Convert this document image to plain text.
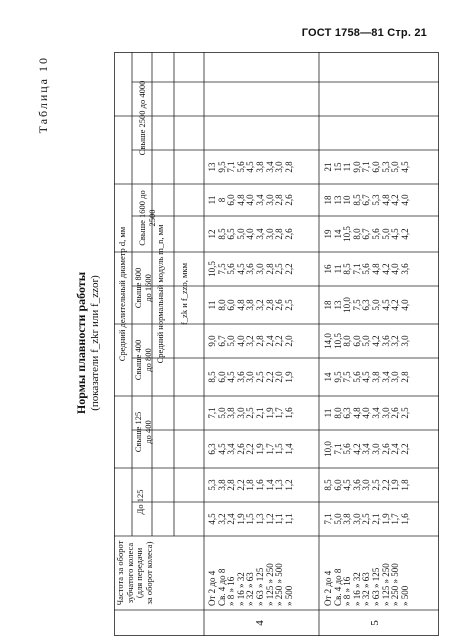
ГОСТ 1758—81 Стр. 21
Таблица 10
Нормы плавности работы (показатели f_zkr или f_zzor)
Частота за оборот
зубчатого колеса
(для передачи
за оборот колеса)
Средний делительный диаметр d, мм
До 125
Свыше 125
до 400
Свыше 400
до 800
Свыше 800
до 1600
Свыше 1600 до 2500
Свыше 2500 до 4000
Средний нормальный модуль m_n, мм f_zk и f_zzo, мкм
4	5
От 2 до 4 Св. 4 до 8 » 8 » 16 » 16 » 32 » 32 » 63 » 63 » 125 » 125 » 250 » 250 » 500 » 500	От 2 до 4 Св. 4 до 8 » 8 » 16 » 16 » 32 » 32 » 63 » 63 » 125 » 125 » 250 » 250 » 500 » 500
4,5 3,2 2,4 1,9 1,5 1,3 1,2 1,1 1,1
5,3 3,8 2,8 2,2 1,8 1,6 1,4 1,3 1,2
6,3 4,5 3,4 2,6 2,2 1,9 1,7 1,5 1,4
7,1 5,0 3,8 3,0 2,5 2,1 1,9 1,7 1,6
8,5 6,0 4,5 3,6 3,0 2,5 2,2 2,0 1,9
9,0 6,7 5,0 4,0 3,2 2,8 2,4 2,2 2,0
11 8,0 6,0 4,8 3,8 3,2 2,8 2,6 2,5
10,5 7,5 5,6 4,5 3,6 3,0 2,8 2,5 2,2
12 8,5 6,5 5,0 4,0 3,4 3,0 2,8 2,6
11 8 6,0 4,8 4,0 3,4 3,0 2,8 2,6
13 9,5 7,1 5,6 4,5 3,8 3,4 3,0 2,8
7,1 5,0 3,8 3,0 2,5 2,1 1,9 1,7 1,6
8,5 6,0 4,5 3,6 3,0 2,5 2,2 1,9 1,8
10,0 7,1 5,6 4,2 3,4 3,0 2,6 2,4 2,2
11 8,0 6,3 4,8 4,0 3,4 3,0 2,6 2,5
14 9,5 7,5 5,6 4,5 3,8 3,4 3,0 2,8
14,0 10,5 8,0 6,0 5,0 4,2 3,6 3,2 3,0
18 13 10,0 7,5 6,3 5,0 4,5 4,2 4,0
16 11 8,5 7,1 5,6 4,8 4,2 4,0 3,6
19 14 10,5 8,0 6,7 5,6 5,0 4,5 4,2
18 13 10 8,5 6,7 5,3 4,8 4,2 4,0
21 15 11 9,0 7,1 6,0 5,3 5,0 4,5
